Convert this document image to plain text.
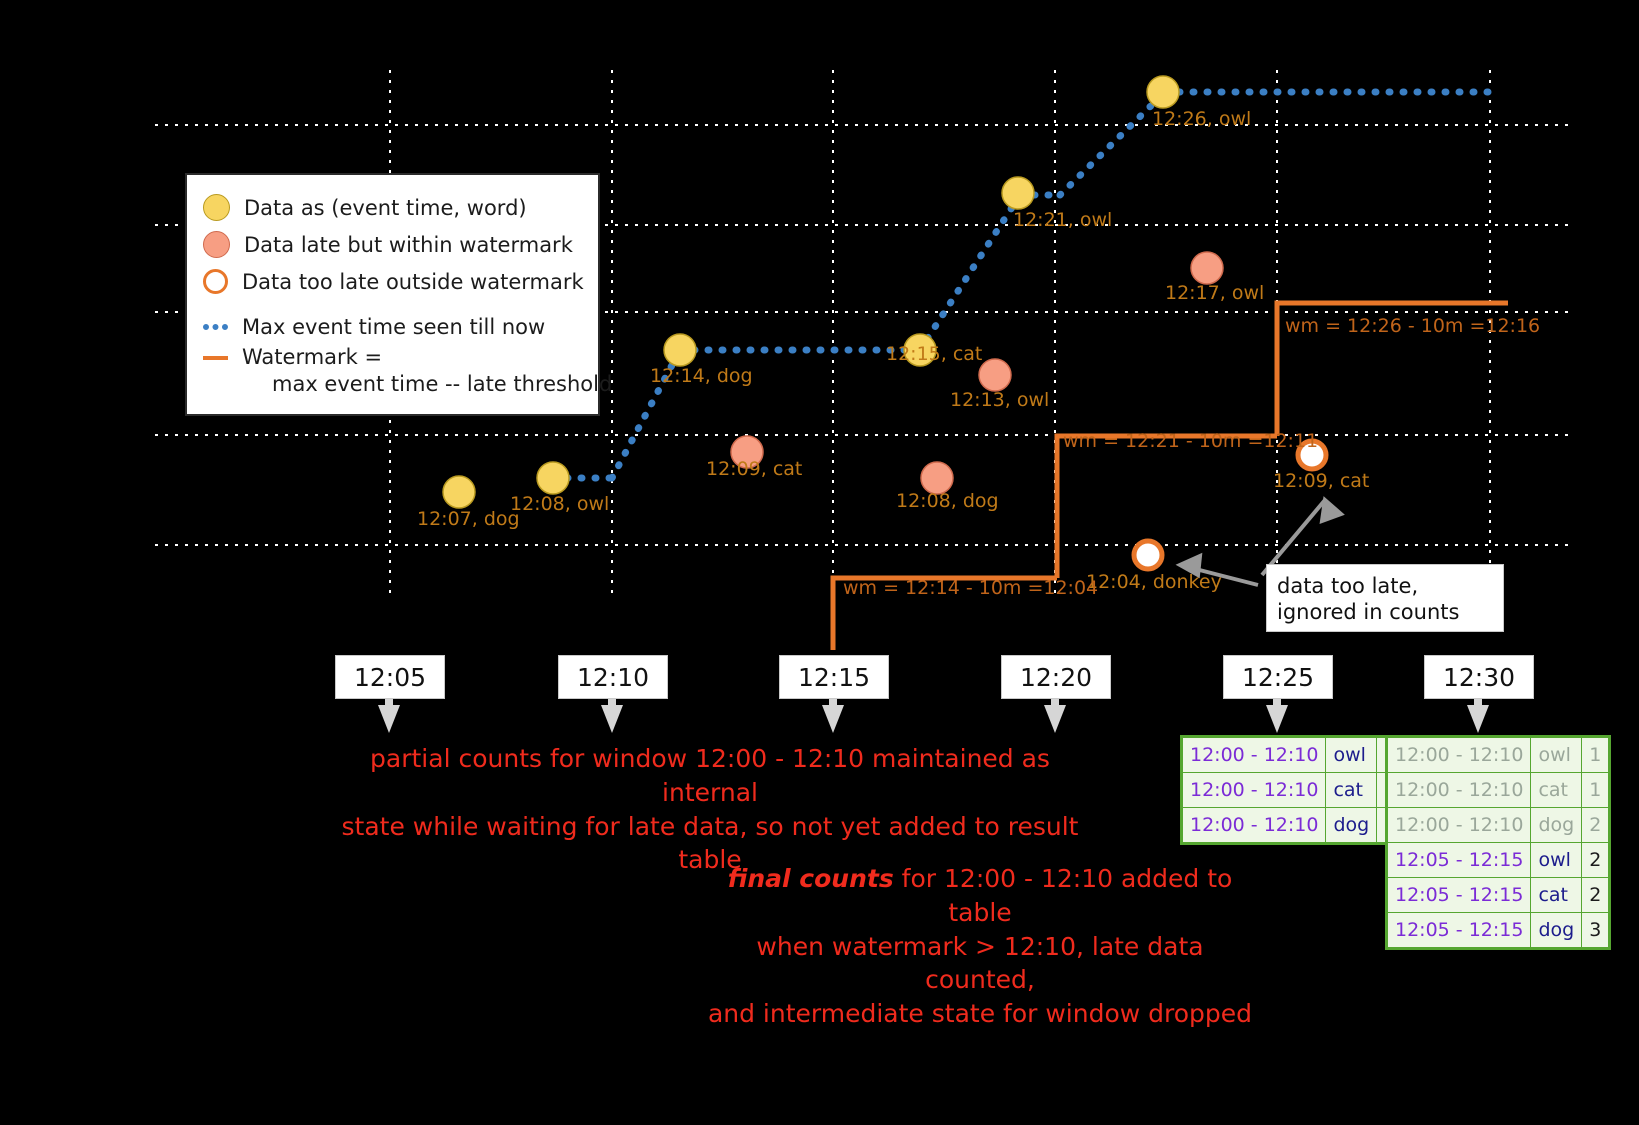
Data as (event time, word)
Data late but within watermark
Data too late outside watermark
Max event time seen till now
Watermark =
max event time -- late threshold
12:07, dog
12:08, owl
12:14, dog
12:15, cat
12:21, owl
12:26, owl
12:09, cat
12:08, dog
12:13, owl
12:17, owl
12:04, donkey
12:09, cat
wm = 12:14 - 10m =12:04
wm = 12:21 - 10m =12:11
wm = 12:26 - 10m =12:16
data too late,
ignored in counts
12:05	12:10	12:15	12:20	12:25	12:30
partial counts for window 12:00 - 12:10 maintained as internal
state while waiting for late data, so not yet added to result table
final counts for 12:00 - 12:10 added to table
when watermark > 12:10, late data counted,
and intermediate state for window dropped
12:00 - 12:10	owl	
12:00 - 12:10	cat	
12:00 - 12:10	dog	
12:00 - 12:10	owl	1
12:00 - 12:10	cat	1
12:00 - 12:10	dog	2
12:05 - 12:15	owl	2
12:05 - 12:15	cat	2
12:05 - 12:15	dog	3
